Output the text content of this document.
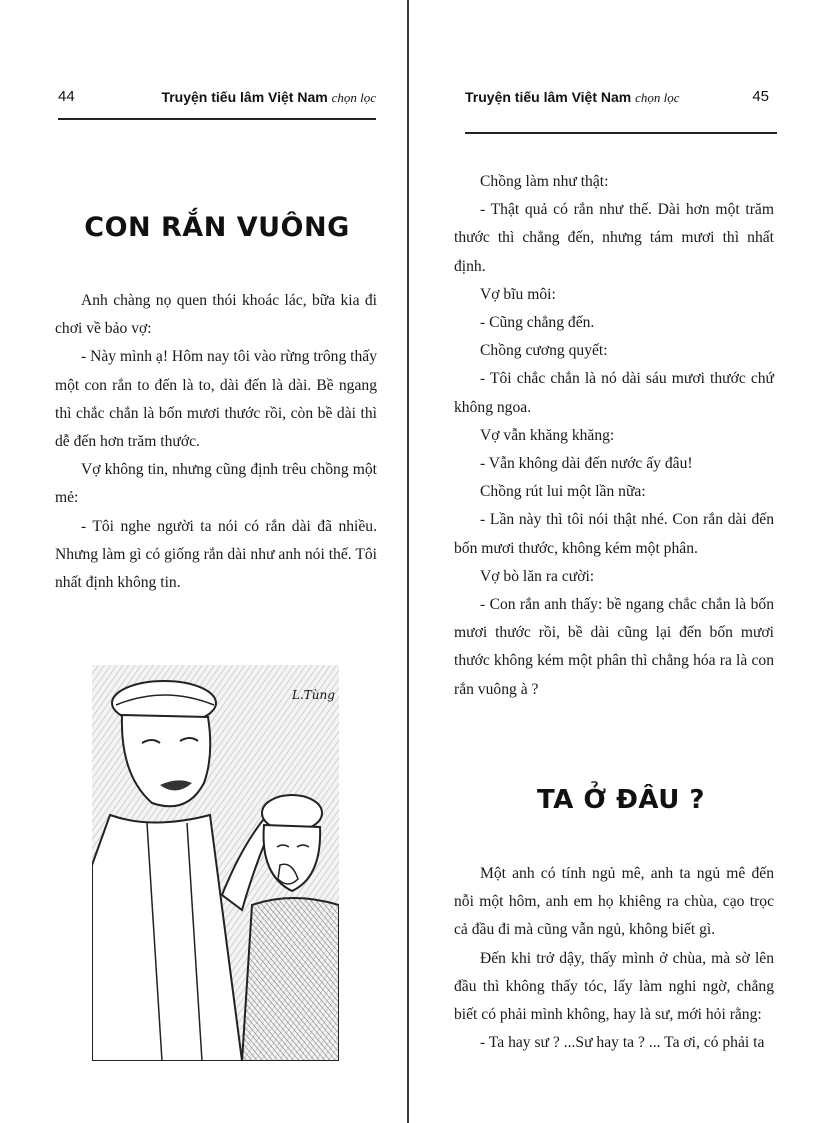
44	Truyện tiếu lâm Việt Nam chọn lọc
CON RẮN VUÔNG

Anh chàng nọ quen thói khoác lác, bữa kia đi chơi về bảo vợ:

- Này mình ạ! Hôm nay tôi vào rừng trông thấy một con rắn to đến là to, dài đến là dài. Bề ngang thì chắc chắn là bốn mươi thước rồi, còn bề dài thì dễ đến hơn trăm thước.

Vợ không tin, nhưng cũng định trêu chồng một mẻ:

- Tôi nghe người ta nói có rắn dài đã nhiều. Nhưng làm gì có giống rắn dài như anh nói thế. Tôi nhất định không tin.

L.Tùng
Truyện tiếu lâm Việt Nam chọn lọc	45

Chồng làm như thật:

- Thật quả có rắn như thế. Dài hơn một trăm thước thì chẳng đến, nhưng tám mươi thì nhất định.

Vợ bĩu môi:

- Cũng chẳng đến.

Chồng cương quyết:

- Tôi chắc chắn là nó dài sáu mươi thước chứ không ngoa.

Vợ vẫn khăng khăng:

- Vẫn không dài đến nước ấy đâu!

Chồng rút lui một lần nữa:

- Lần này thì tôi nói thật nhé. Con rắn dài đến bốn mươi thước, không kém một phân.

Vợ bò lăn ra cười:

- Con rắn anh thấy: bề ngang chắc chắn là bốn mươi thước rồi, bề dài cũng lại đến bốn mươi thước không kém một phân thì chẳng hóa ra là con rắn vuông à ?

TA Ở ĐÂU ?

Một anh có tính ngủ mê, anh ta ngủ mê đến nỗi một hôm, anh em họ khiêng ra chùa, cạo trọc cả đầu đi mà cũng vẫn ngủ, không biết gì.

Đến khi trở dậy, thấy mình ở chùa, mà sờ lên đầu thì không thấy tóc, lấy làm nghi ngờ, chẳng biết có phải mình không, hay là sư, mới hỏi rằng:

- Ta hay sư ? ...Sư hay ta ? ... Ta ơi, có phải ta
